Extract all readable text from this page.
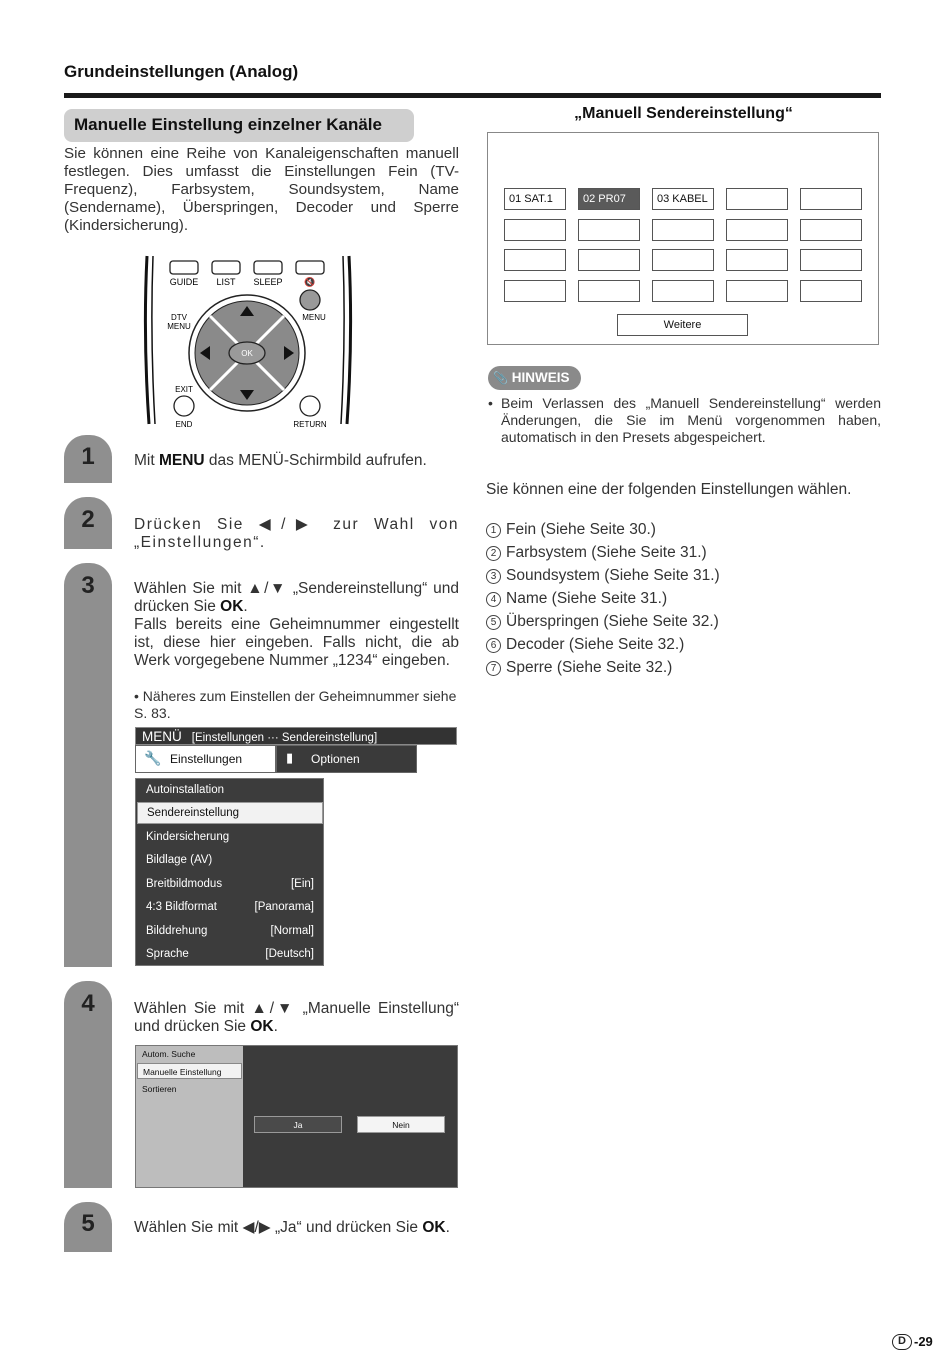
Grundeinstellungen (Analog)
Manuelle Einstellung einzelner Kanäle
Sie können eine Reihe von Kanaleigenschaften manuell festlegen. Dies umfasst die Einstellungen Fein (TV-Frequenz), Farbsystem, Soundsystem, Name (Sendername), Überspringen, Decoder und Sperre (Kindersicherung).
GUIDE LIST SLEEP 🔇
DTV
MENU
MENU
OK
EXIT
END	RETURN
1
2
3
4
5
Mit MENU das MENÜ-Schirmbild aufrufen.
Drücken Sie ◀/▶ zur Wahl von „Einstellungen“.
Wählen Sie mit ▲/▼ „Sendereinstellung“ und drücken Sie OK.
Falls bereits eine Geheimnummer eingestellt ist, diese hier eingeben. Falls nicht, die ab Werk vorgegebene Nummer „1234“ eingeben.
• Näheres zum Einstellen der Geheimnummer siehe S. 83.
MENÜ [Einstellungen ··· Sendereinstellung]
🔧 Einstellungen	▮ Optionen
Autoinstallation
Sendereinstellung
Kindersicherung
Bildlage (AV)
Breitbildmodus	[Ein]
4:3 Bildformat	[Panorama]
Bilddrehung	[Normal]
Sprache	[Deutsch]
Wählen Sie mit ▲/▼ „Manuelle Einstellung“ und drücken Sie OK.
Autom. Suche
Manuelle Einstellung
Sortieren
Ja	Nein
Wählen Sie mit ◀/▶ „Ja“ und drücken Sie OK.
„Manuell Sendereinstellung“
01 SAT.1	02 PR07	03 KABEL
Weitere
📎 HINWEIS
• Beim Verlassen des „Manuell Sendereinstellung“ werden Änderungen, die Sie im Menü vorgenommen haben, automatisch in den Presets abgespeichert.
Sie können eine der folgenden Einstellungen wählen.
1 Fein (Siehe Seite 30.)
2 Farbsystem (Siehe Seite 31.)
3 Soundsystem (Siehe Seite 31.)
4 Name (Siehe Seite 31.)
5 Überspringen (Siehe Seite 32.)
6 Decoder (Siehe Seite 32.)
7 Sperre (Siehe Seite 32.)
D -29
